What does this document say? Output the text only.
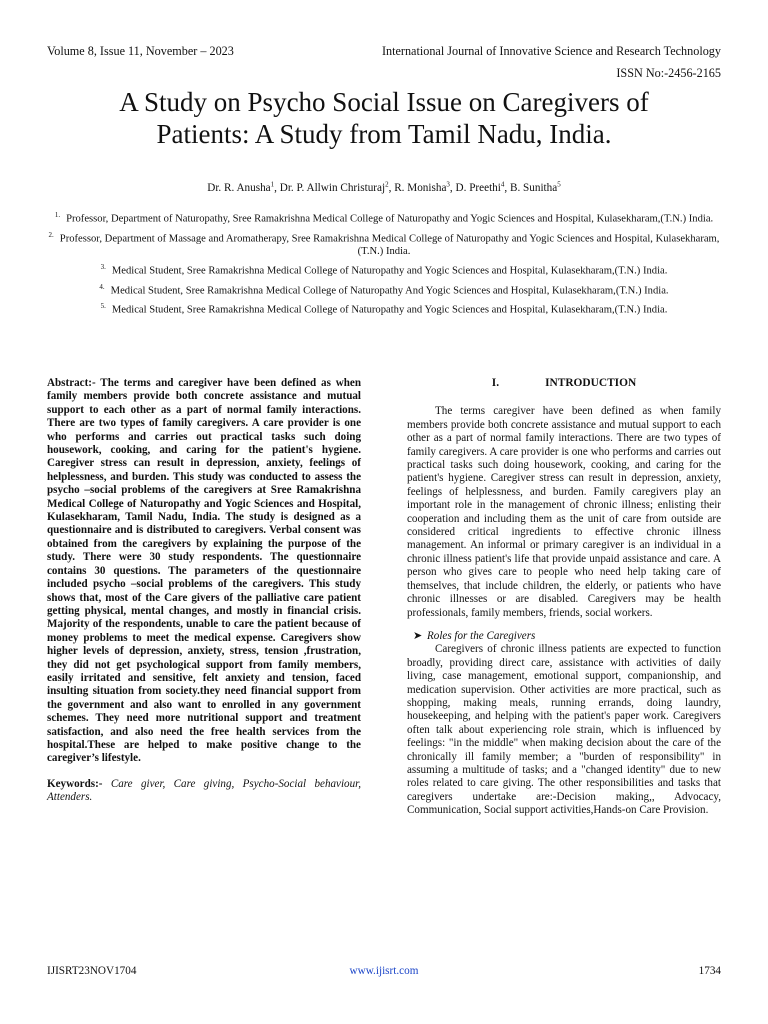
Volume 8, Issue 11, November – 2023	International Journal of Innovative Science and Research Technology
ISSN No:-2456-2165
A Study on Psycho Social Issue on Caregivers of
Patients: A Study from Tamil Nadu, India.
Dr. R. Anusha$^1$, Dr. P. Allwin Christuraj$^2$, R. Monisha$^3$, D. Preethi$^4$, B. Sunitha$^5$
$^{1.}$ Professor, Department of Naturopathy, Sree Ramakrishna Medical College of Naturopathy and Yogic Sciences and Hospital, Kulasekharam,(T.N.) India.
$^{2.}$ Professor, Department of Massage and Aromatherapy, Sree Ramakrishna Medical College of Naturopathy and Yogic Sciences and Hospital, Kulasekharam,(T.N.) India.
$^{3.}$ Medical Student, Sree Ramakrishna Medical College of Naturopathy and Yogic Sciences and Hospital, Kulasekharam,(T.N.) India.
$^{4.}$ Medical Student, Sree Ramakrishna Medical College of Naturopathy And Yogic Sciences and Hospital, Kulasekharam,(T.N.) India.
$^{5.}$ Medical Student, Sree Ramakrishna Medical College of Naturopathy and Yogic Sciences and Hospital, Kulasekharam,(T.N.) India.

Abstract:- The terms and caregiver have been defined as when family members provide both concrete assistance and mutual support to each other as a part of normal family interactions. There are two types of family caregivers. A care provider is one who performs and carries out practical tasks such doing housework, cooking, and caring for the patient's hygiene. Caregiver stress can result in depression, anxiety, feelings of helplessness, and burden. This study was conducted to assess the psycho –social problems of the caregivers at Sree Ramakrishna Medical College of Naturopathy and Yogic Sciences and Hospital, Kulasekharam, Tamil Nadu, India. The study is designed as a questionnaire and is distributed to caregivers. Verbal consent was obtained from the caregivers by explaining the purpose of the study. There were 30 study respondents. The questionnaire contains 30 questions. The parameters of the questionnaire included psycho –social problems of the caregivers. This study shows that, most of the Care givers of the palliative care patient getting physical, mental changes, and mostly in financial crisis. Majority of the respondents, unable to care the patient because of money problems to meet the medical expense. Caregivers show higher levels of depression, anxiety, stress, tension ,frustration, they did not get psychological support from family members, easily irritated and sensitive, felt anxiety and tension, faced insulting situation from society.they need financial support from the government and also want to enrolled in any government schemes. They need more nutritional support and treatment satisfaction, and also need the free health services from the hospital.These are helped to make positive change to the caregiver’s lifestyle.

Keywords:- Care giver, Care giving, Psycho-Social behaviour, Attenders.

I.	INTRODUCTION

The terms caregiver have been defined as when family members provide both concrete assistance and mutual support to each other as a part of normal family interactions. There are two types of family caregivers. A care provider is one who performs and carries out practical tasks such doing housework, cooking, and caring for the patient's hygiene. Caregiver stress can result in depression, anxiety, feelings of helplessness, and burden. Family caregivers play an important role in the management of chronic illness; enlisting their cooperation and including them as the unit of care from outside are considered critical ingredients to effective chronic illness management. An informal or primary caregiver is an individual in a chronic illness patient's life that provide unpaid assistance and care. A person who gives care to people who need help taking care of themselves, that include children, the elderly, or patients who have chronic illnesses or are disabled. Caregivers may be health professionals, family members, friends, social workers.

➤ Roles for the Caregivers

Caregivers of chronic illness patients are expected to function broadly, providing direct care, assistance with activities of daily living, case management, emotional support, companionship, and medication supervision. Other activities are more practical, such as shopping, making meals, running errands, doing laundry, housekeeping, and helping with the patient's paper work. Caregivers often talk about experiencing role strain, which is influenced by feelings: "in the middle" when making decision about the care of the chronically ill family member; a "burden of responsibility" in assuming a multitude of tasks; and a "changed identity" due to new roles related to care giving. The other responsibilities and tasks that caregivers undertake are:-Decision making,, Advocacy, Communication, Social support activities,Hands-on Care Provision.

IJISRT23NOV1704	www.ijisrt.com	1734
